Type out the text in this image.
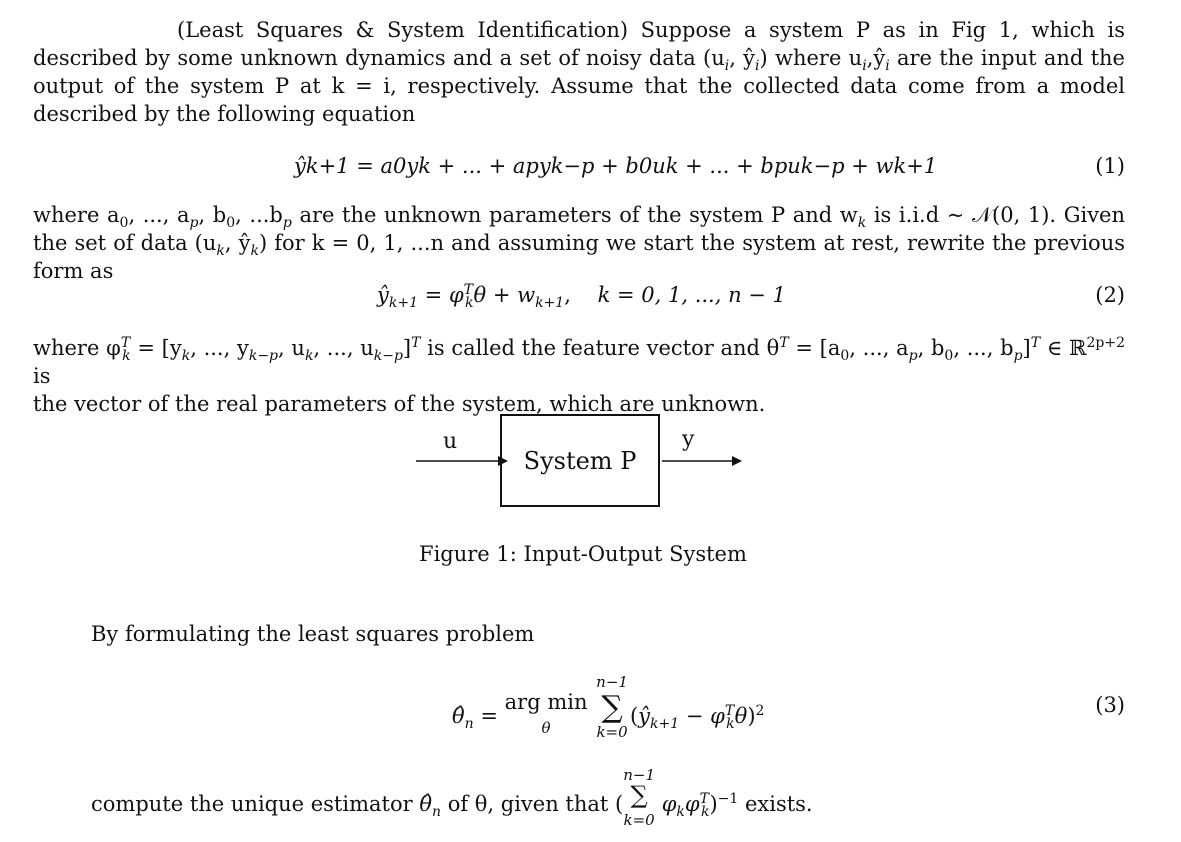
(Least Squares & System Identification) Suppose a system P as in Fig 1, which is described by some unknown dynamics and a set of noisy data ($u_i$, $ŷ_i$) where $u_i,ŷ_i$ are the input and the output of the system P at k = i, respectively. Assume that the collected data come from a model described by the following equation
ŷk+1 = a0yk + ... + apyk−p + b0uk + ... + bpuk−p + wk+1	(1)
where $a_0$, ..., $a_p$, $b_0$, $...b_p$ are the unknown parameters of the system P and $w_k$ is i.i.d ∼ 𝒩(0, 1). Given the set of data ($u_k$, $ŷ_k$) for k = 0, 1, ...n and assuming we start the system at rest, rewrite the previous form as
$ŷ_{k+1} = \varphi^T_k\theta + w_{k+1}$,    k = 0, 1, ..., n − 1	(2)
where $\varphi^T_k = [y_k$, ..., $y_{k-p}$, $u_k$, ..., $u_{k-p}]^T$ is called the feature vector and $\theta^T = [a_0$, ..., $a_p$, $b_0$, ..., $b_p]^T$ ∈ ℝ$^{2p+2}$ is
the vector of the real parameters of the system, which are unknown.
System P
u	y
Figure 1: Input-Output System
By formulating the least squares problem
$\thetâ_n$ = arg min
θ n−1
∑
$k=0(ŷ_{k+1} - \varphi^T_k\theta)^2$	(3)
compute the unique estimator $\thetâ_n$ of θ, given that (n−1
∑
k=0 $\varphi_k\varphi^T_k)^{-1}$ exists.
